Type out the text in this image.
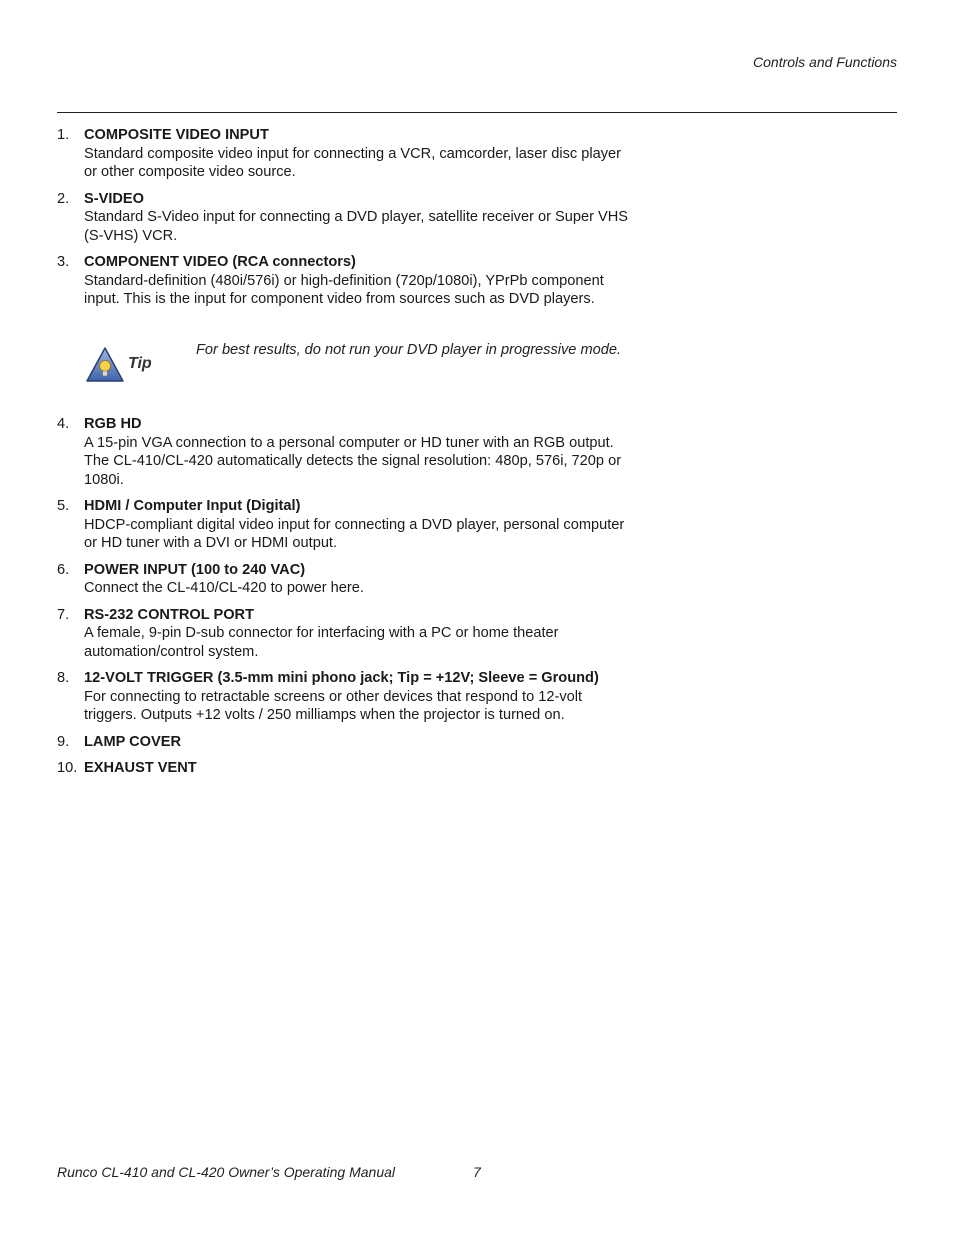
Controls and Functions
1. COMPOSITE VIDEO INPUT
Standard composite video input for connecting a VCR, camcorder, laser disc player
or other composite video source.
2. S-VIDEO
Standard S-Video input for connecting a DVD player, satellite receiver or Super VHS
(S-VHS) VCR.
3. COMPONENT VIDEO (RCA connectors)
Standard-definition (480i/576i) or high-definition (720p/1080i), YPrPb component
input. This is the input for component video from sources such as DVD players.
Tip
For best results, do not run your DVD player in progressive mode.
4. RGB HD
A 15-pin VGA connection to a personal computer or HD tuner with an RGB output.
The CL-410/CL-420 automatically detects the signal resolution: 480p, 576i, 720p or
1080i.
5. HDMI / Computer Input (Digital)
HDCP-compliant digital video input for connecting a DVD player, personal computer
or HD tuner with a DVI or HDMI output.
6. POWER INPUT (100 to 240 VAC)
Connect the CL-410/CL-420 to power here.
7. RS-232 CONTROL PORT
A female, 9-pin D-sub connector for interfacing with a PC or home theater
automation/control system.
8. 12-VOLT TRIGGER (3.5-mm mini phono jack; Tip = +12V; Sleeve = Ground)
For connecting to retractable screens or other devices that respond to 12-volt
triggers. Outputs +12 volts / 250 milliamps when the projector is turned on.
9. LAMP COVER
10. EXHAUST VENT
Runco CL-410 and CL-420 Owner’s Operating Manual	7
